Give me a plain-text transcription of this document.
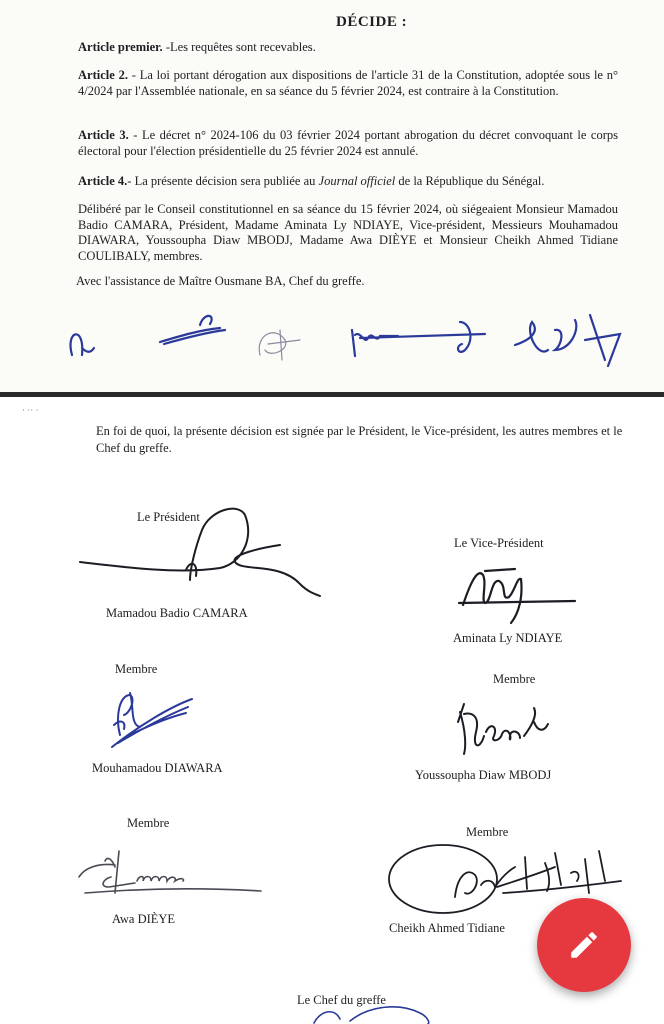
DÉCIDE :
Article premier. -Les requêtes sont recevables.
Article 2. - La loi portant dérogation aux dispositions de l'article 31 de la Constitution, adoptée sous le n° 4/2024 par l'Assemblée nationale, en sa séance du 5 février 2024, est contraire à la Constitution.
Article 3. - Le décret n° 2024-106 du 03 février 2024 portant abrogation du décret convoquant le corps électoral pour l'élection présidentielle du 25 février 2024 est annulé.
Article 4.- La présente décision sera publiée au Journal officiel de la République du Sénégal.
Délibéré par le Conseil constitutionnel en sa séance du 15 février 2024, où siégeaient Monsieur Mamadou Badio CAMARA, Président, Madame Aminata Ly NDIAYE, Vice-président, Messieurs Mouhamadou DIAWARA, Youssoupha Diaw MBODJ, Madame Awa DIÈYE et Monsieur Cheikh Ahmed Tidiane COULIBALY, membres.
Avec l'assistance de Maître Ousmane BA, Chef du greffe.
· ·· ·
En foi de quoi, la présente décision est signée par le Président, le Vice-président, les autres membres et le Chef du greffe.
Le Président
Mamadou Badio CAMARA
Le Vice-Président
Aminata Ly NDIAYE
Membre
Mouhamadou DIAWARA
Membre
Youssoupha Diaw MBODJ
Membre
Awa DIÈYE
Membre
Cheikh Ahmed Tidiane
Le Chef du greffe
